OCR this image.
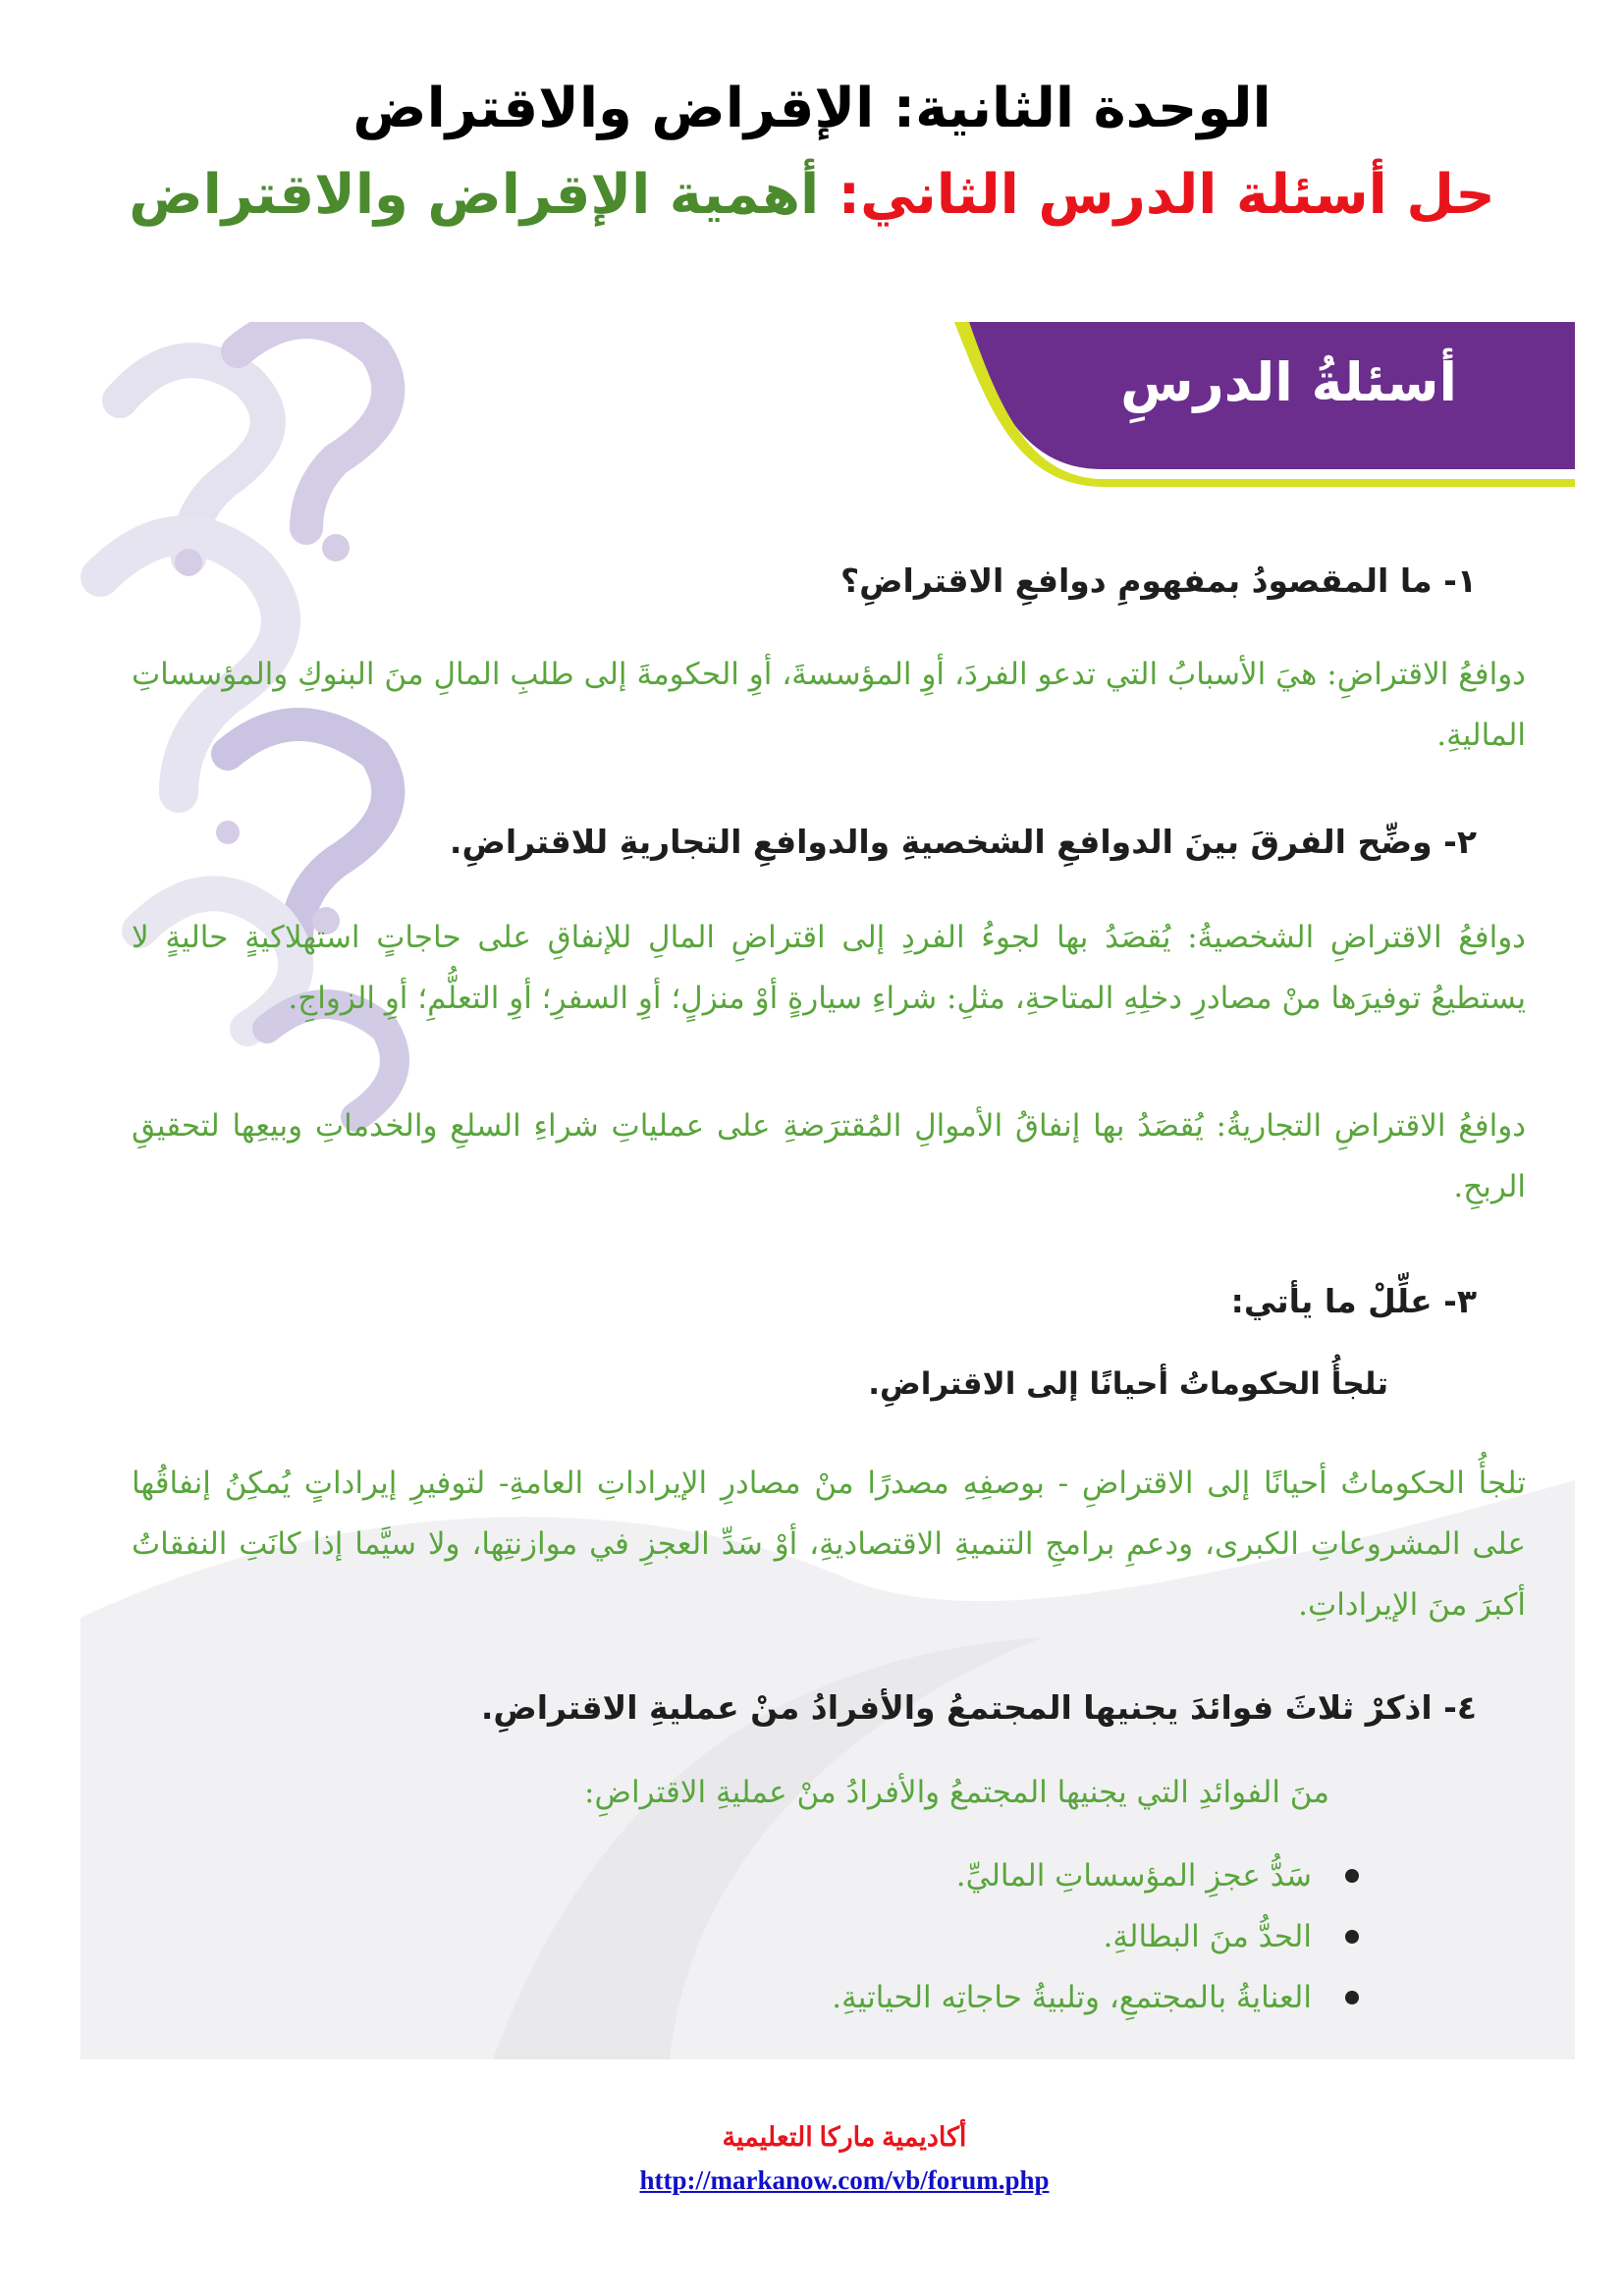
الوحدة الثانية: الإقراض والاقتراض
حل أسئلة الدرس الثاني: أهمية الإقراض والاقتراض
أسئلةُ الدرسِ
١- ما المقصودُ بمفهومِ دوافعِ الاقتراضِ؟
دوافعُ الاقتراضِ: هيَ الأسبابُ التي تدعو الفردَ، أوِ المؤسسةَ، أوِ الحكومةَ إلى طلبِ المالِ منَ البنوكِ والمؤسساتِ الماليةِ.
٢- وضِّح الفرقَ بينَ الدوافعِ الشخصيةِ والدوافعِ التجاريةِ للاقتراضِ.
دوافعُ الاقتراضِ الشخصيةُ: يُقصَدُ بها لجوءُ الفردِ إلى اقتراضِ المالِ للإنفاقِ على حاجاتٍ استهلاكيةٍ حاليةٍ لا يستطيعُ توفيرَها منْ مصادرِ دخلِهِ المتاحةِ، مثلِ: شراءِ سيارةٍ أوْ منزلٍ؛ أوِ السفرِ؛ أوِ التعلُّمِ؛ أوِ الزواجِ.
دوافعُ الاقتراضِ التجاريةُ: يُقصَدُ بها إنفاقُ الأموالِ المُقترَضةِ على عملياتِ شراءِ السلعِ والخدماتِ وبيعِها لتحقيقِ الربحِ.
٣- علِّلْ ما يأتي:
تلجأُ الحكوماتُ أحيانًا إلى الاقتراضِ.
تلجأُ الحكوماتُ أحيانًا إلى الاقتراضِ - بوصفِهِ مصدرًا منْ مصادرِ الإيراداتِ العامةِ- لتوفيرِ إيراداتٍ يُمكِنُ إنفاقُها على المشروعاتِ الكبرى، ودعمِ برامجِ التنميةِ الاقتصاديةِ، أوْ سَدِّ العجزِ في موازنتِها، ولا سيَّما إذا كانَتِ النفقاتُ أكبرَ منَ الإيراداتِ.
٤- اذكرْ ثلاثَ فوائدَ يجنيها المجتمعُ والأفرادُ منْ عمليةِ الاقتراضِ.
منَ الفوائدِ التي يجنيها المجتمعُ والأفرادُ منْ عمليةِ الاقتراضِ:
سَدُّ عجزِ المؤسساتِ الماليِّ.
الحدُّ منَ البطالةِ.
العنايةُ بالمجتمعِ، وتلبيةُ حاجاتِه الحياتيةِ.
أكاديمية ماركا التعليمية
http://markanow.com/vb/forum.php
